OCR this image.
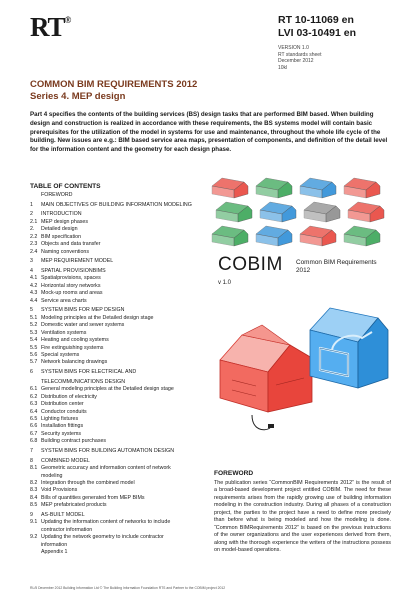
RT®	RT 10-11069 en
LVI 03-10491 en
VERSION 1.0
RT standards sheet
December 2012
10kl
COMMON BIM REQUIREMENTS 2012
Series 4. MEP design
Part 4 specifies the contents of the building services (BS) design tasks that are performed BIM based. When building design and construction is realized in accordance with these requirements, the BS systems model will contain basic prerequisites for the utilization of the model in systems for use and maintenance, throughout the whole life cycle of the building. New issues are e.g.: BIM based service area maps, presentation of components, and definition of the detail level for the information content and the geometry for each design phase.
TABLE OF CONTENTS
FOREWORD
1	MAIN OBJECTIVES OF BUILDING INFORMATION MODELING
2	INTRODUCTION
2.1 MEP design phases
2.	Detailed design
2.2 BIM specification
2.3 Objects and data transfer
2.4 Naming conventions
3	MEP REQUIREMENT MODEL
4	SPATIAL PROVISIONBIMS
4.1 Spatialprovisions, spaces
4.2 Horizontal story networks
4.3 Mock-up rooms and areas
4.4 Service area charts
5	SYSTEM BIMS FOR MEP DESIGN
5.1 Modeling principles at the Detailed design stage
5.2 Domestic water and sewer systems
5.3 Ventilation systems
5.4 Heating and cooling systems
5.5 Fire extinguishing systems
5.6 Special systems
5.7 Network balancing drawings
6	SYSTEM BIMS FOR ELECTRICAL AND
TELECOMMUNICATIONS DESIGN
6.1 General modeling principles at the Detailed design stage
6.2 Distribution of electricity
6.3 Distribution center
6.4 Conductor conduits
6.5 Lighting fixtures
6.6 Installation fittings
6.7 Security systems
6.8 Building contract purchases
7	SYSTEM BIMS FOR BUILDING AUTOMATION DESIGN
8	COMBINED MODEL
8.1 Geometric accuracy and information content of network
modeling
8.2 Integration through the combined model
8.3 Void Provisions
8.4 Bills of quantities generated from MEP BIMs
8.5 MEP prefabricated products
9	AS-BUILT MODEL
9.1 Updating the information content of networks to include
contractor information
9.2 Updating the network geometry to include contractor
information
Appendix 1
COBIM Common BIM Requirements
2012
v 1.0
FOREWORD
The publication series “CommonBIM Requirements 2012” is the result of a broad-based development project entitled COBIM. The need for these requirements arises from the rapidly growing use of building information modeling in the construction industry. During all phases of a construction project, the parties to the project have a need to define more precisely than before what is being modeled and how the modeling is done. “Common BIMRequirements 2012” is based on the previous instructions of the owner organizations and the user experiences derived from them, along with the thorough experience the writers of the instructions possess on model-based operations.
RL/5 December 2012 Building Information Ltd © The Building Information Foundation RTS and Partner to the COBIM project 2012
